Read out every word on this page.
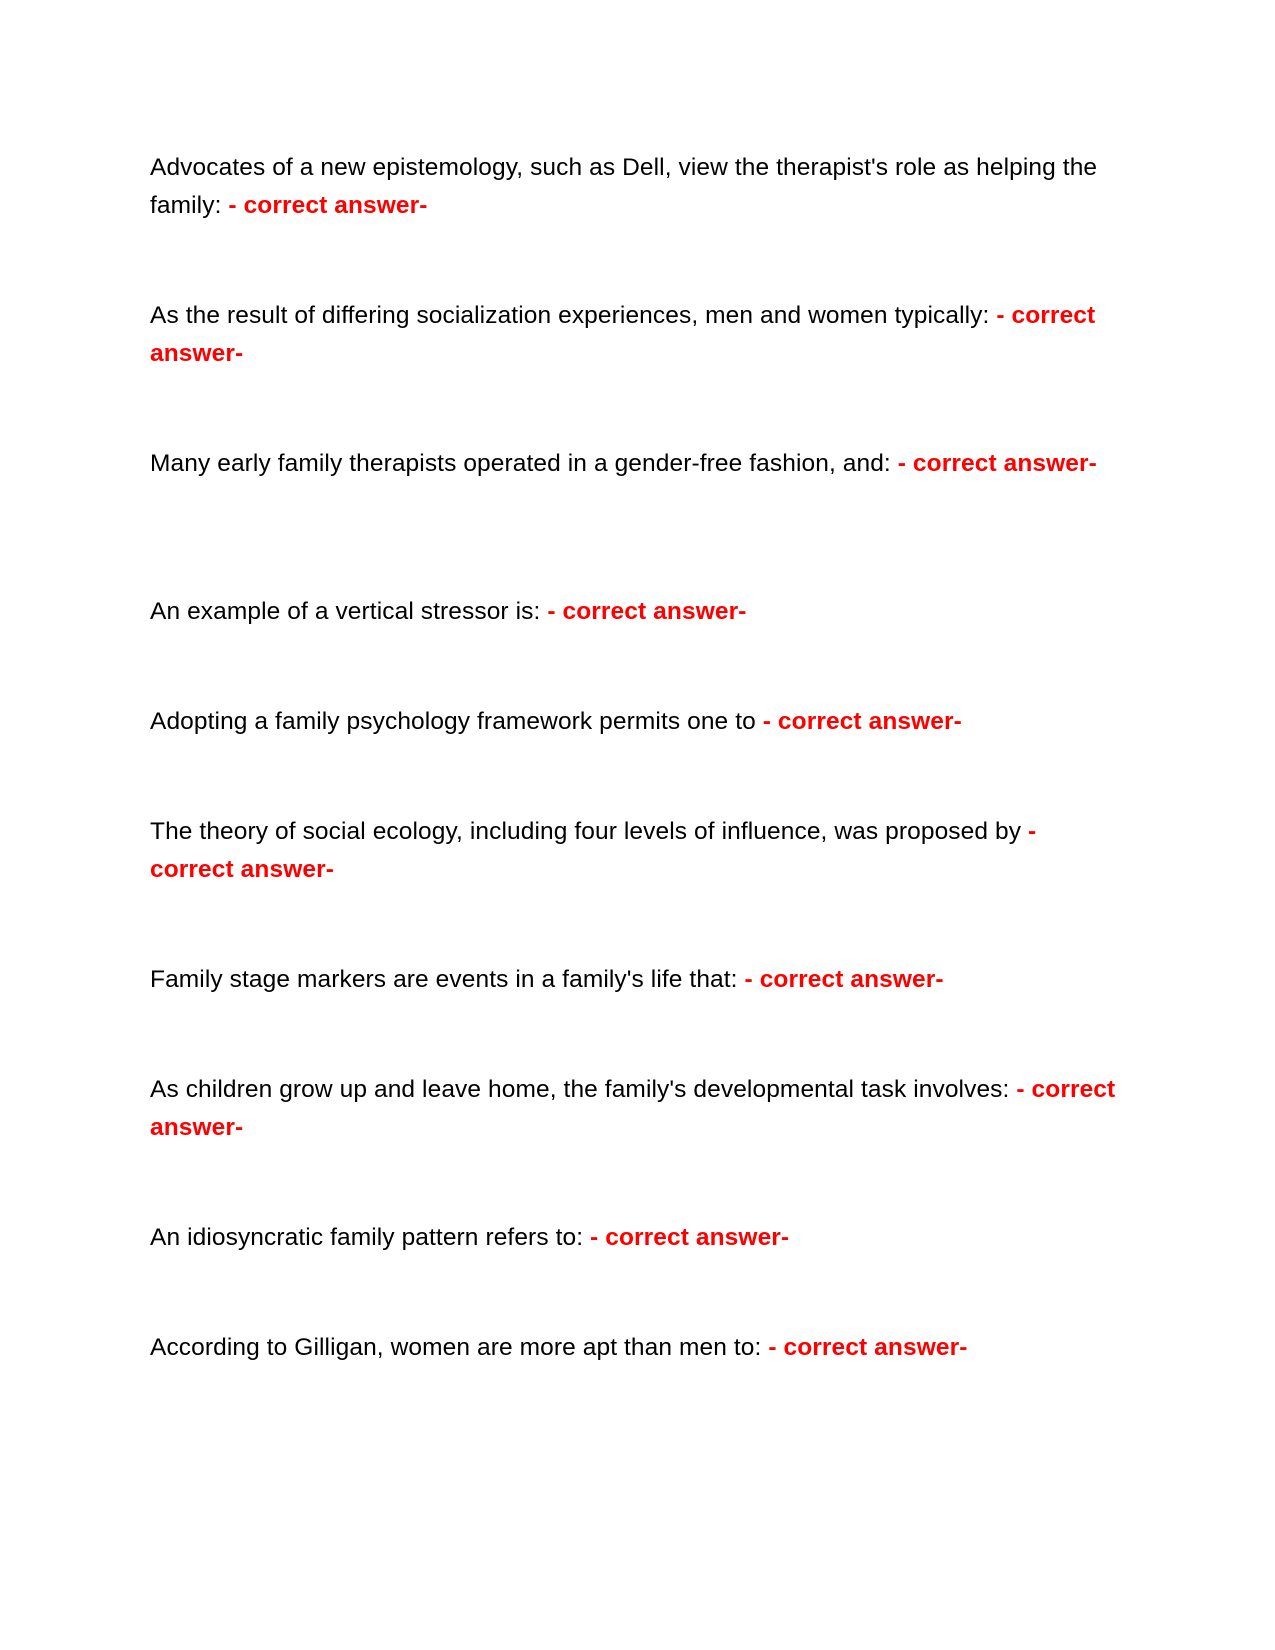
Advocates of a new epistemology, such as Dell, view the therapist's role as helping the family: - correct answer-

As the result of differing socialization experiences, men and women typically: - correct answer-

Many early family therapists operated in a gender-free fashion, and: - correct answer-

An example of a vertical stressor is: - correct answer-

Adopting a family psychology framework permits one to - correct answer-

The theory of social ecology, including four levels of influence, was proposed by - correct answer-

Family stage markers are events in a family's life that: - correct answer-

As children grow up and leave home, the family's developmental task involves: - correct answer-

An idiosyncratic family pattern refers to: - correct answer-

According to Gilligan, women are more apt than men to: - correct answer-
